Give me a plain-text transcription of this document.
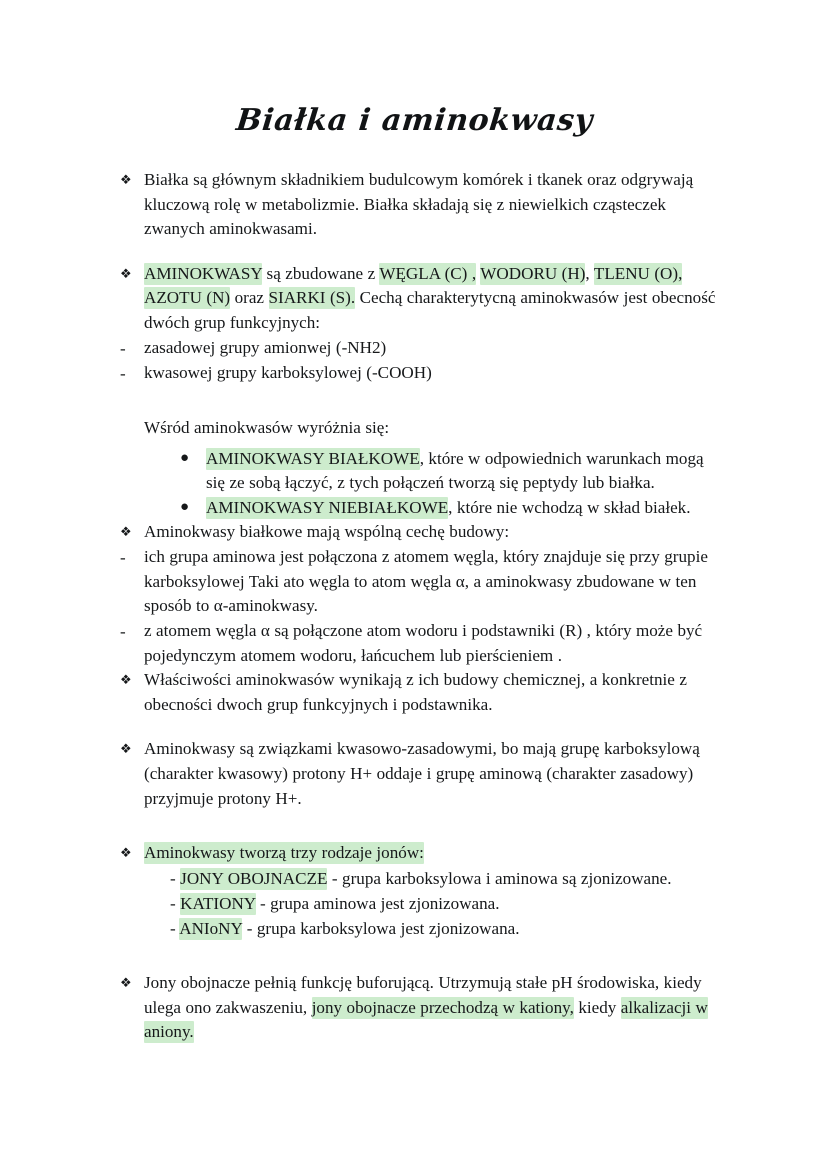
Białka i aminokwasy
❖ Białka są głównym składnikiem budulcowym komórek i tkanek oraz odgrywają kluczową rolę w metabolizmie. Białka składają się z niewielkich cząsteczek zwanych aminokwasami.
❖ AMINOKWASY są zbudowane z WĘGLA (C) , WODORU (H), TLENU (O), AZOTU (N) oraz SIARKI (S). Cechą charakterytycną aminokwasów jest obecność dwóch grup funkcyjnych:
-	zasadowej grupy amionwej (-NH2)
-	kwasowej grupy karboksylowej (-COOH)
Wśród aminokwasów wyróżnia się:
● AMINOKWASY BIAŁKOWE, które w odpowiednich warunkach mogą się ze sobą łączyć, z tych połączeń tworzą się peptydy lub białka.
● AMINOKWASY NIEBIAŁKOWE, które nie wchodzą w skład białek.
❖ Aminokwasy białkowe mają wspólną cechę budowy:
-	ich grupa aminowa jest połączona z atomem węgla, który znajduje się przy grupie karboksylowej Taki ato węgla to atom węgla α, a aminokwasy zbudowane w ten sposób to α-aminokwasy.
-	z atomem węgla α są połączone atom wodoru i podstawniki (R) , który może być pojedynczym atomem wodoru, łańcuchem lub pierścieniem .
❖ Właściwości aminokwasów wynikają z ich budowy chemicznej, a konkretnie z obecności dwoch grup funkcyjnych i podstawnika.
❖ Aminokwasy są związkami kwasowo-zasadowymi, bo mają grupę karboksylową (charakter kwasowy) protony H+ oddaje i grupę aminową (charakter zasadowy) przyjmuje protony H+.
❖ Aminokwasy tworzą trzy rodzaje jonów:
- JONY OBOJNACZE - grupa karboksylowa i aminowa są zjonizowane.
- KATIONY - grupa aminowa jest zjonizowana.
- ANIoNY - grupa karboksylowa jest zjonizowana.
❖ Jony obojnacze pełnią funkcję buforującą. Utrzymują stałe pH środowiska, kiedy ulega ono zakwaszeniu, jony obojnacze przechodzą w kationy, kiedy alkalizacji w aniony.
